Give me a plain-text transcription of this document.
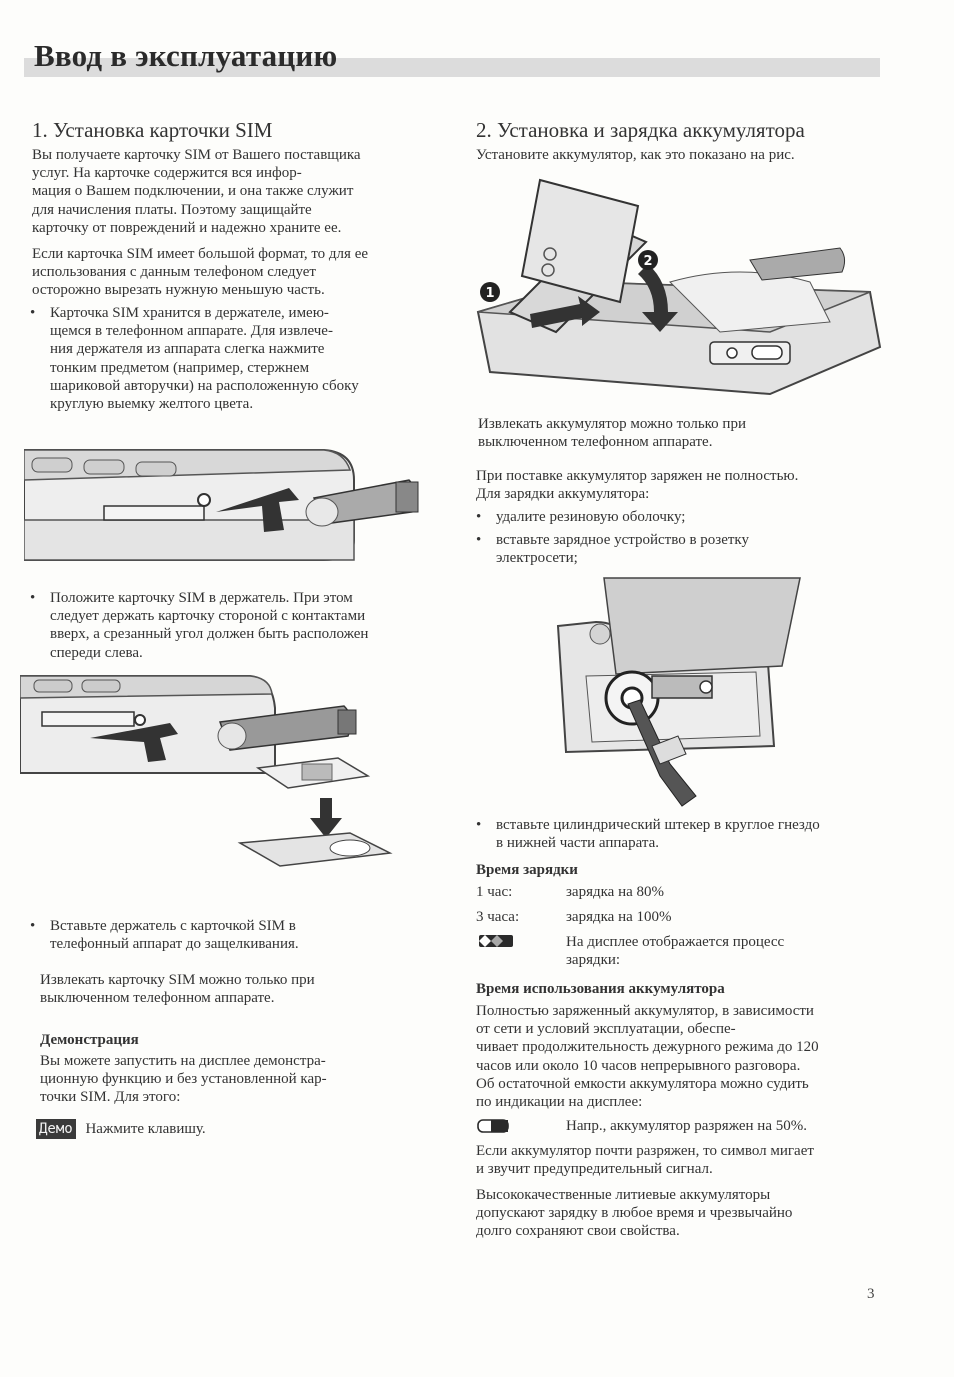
Ввод в эксплуатацию
1. Установка карточки SIM
Вы получаете карточку SIM от Вашего поставщика
услуг. На карточке содержится вся инфор-
мация о Вашем подключении, и она также служит
для начисления платы. Поэтому защищайте
карточку от повреждений и надежно храните ее.
Если карточка SIM имеет большой формат, то для ее
использования с данным телефоном следует
осторожно вырезать нужную меньшую часть.
• Карточка SIM хранится в держателе, имею-
щемся в телефонном аппарате. Для извлече-
ния держателя из аппарата слегка нажмите
тонким предметом (например, стержнем
шариковой авторучки) на расположенную сбоку
круглую выемку желтого цвета.
• Положите карточку SIM в держатель. При этом
следует держать карточку стороной с контактами
вверх, а срезанный угол должен быть расположен
спереди слева.
• Вставьте держатель с карточкой SIM в
телефонный аппарат до защелкивания.
Извлекать карточку SIM можно только при
выключенном телефонном аппарате.
Демонстрация
Вы можете запустить на дисплее демонстра-
ционную функцию и без установленной кар-
точки SIM. Для этого:
Демо Нажмите клавишу.
2. Установка и зарядка аккумулятора
Установите аккумулятор, как это показано на рис.
1
2
Извлекать аккумулятор можно только при
выключенном телефонном аппарате.
При поставке аккумулятор заряжен не полностью.
Для зарядки аккумулятора:
• удалите резиновую оболочку;
• вставьте зарядное устройство в розетку
электросети;
• вставьте цилиндрический штекер в круглое гнездо
в нижней части аппарата.
Время зарядки
1 час:	зарядка на 80%
3 часа:	зарядка на 100%
На дисплее отображается процесс
зарядки:
Время использования аккумулятора
Полностью заряженный аккумулятор, в зависимости
от сети и условий эксплуатации, обеспе-
чивает продолжительность дежурного режима до 120
часов или около 10 часов непрерывного разговора.
Об остаточной емкости аккумулятора можно судить
по индикации на дисплее:
Напр., аккумулятор разряжен на 50%.
Если аккумулятор почти разряжен, то символ мигает
и звучит предупредительный сигнал.
Высококачественные литиевые аккумуляторы
допускают зарядку в любое время и чрезвычайно
долго сохраняют свои свойства.
3
